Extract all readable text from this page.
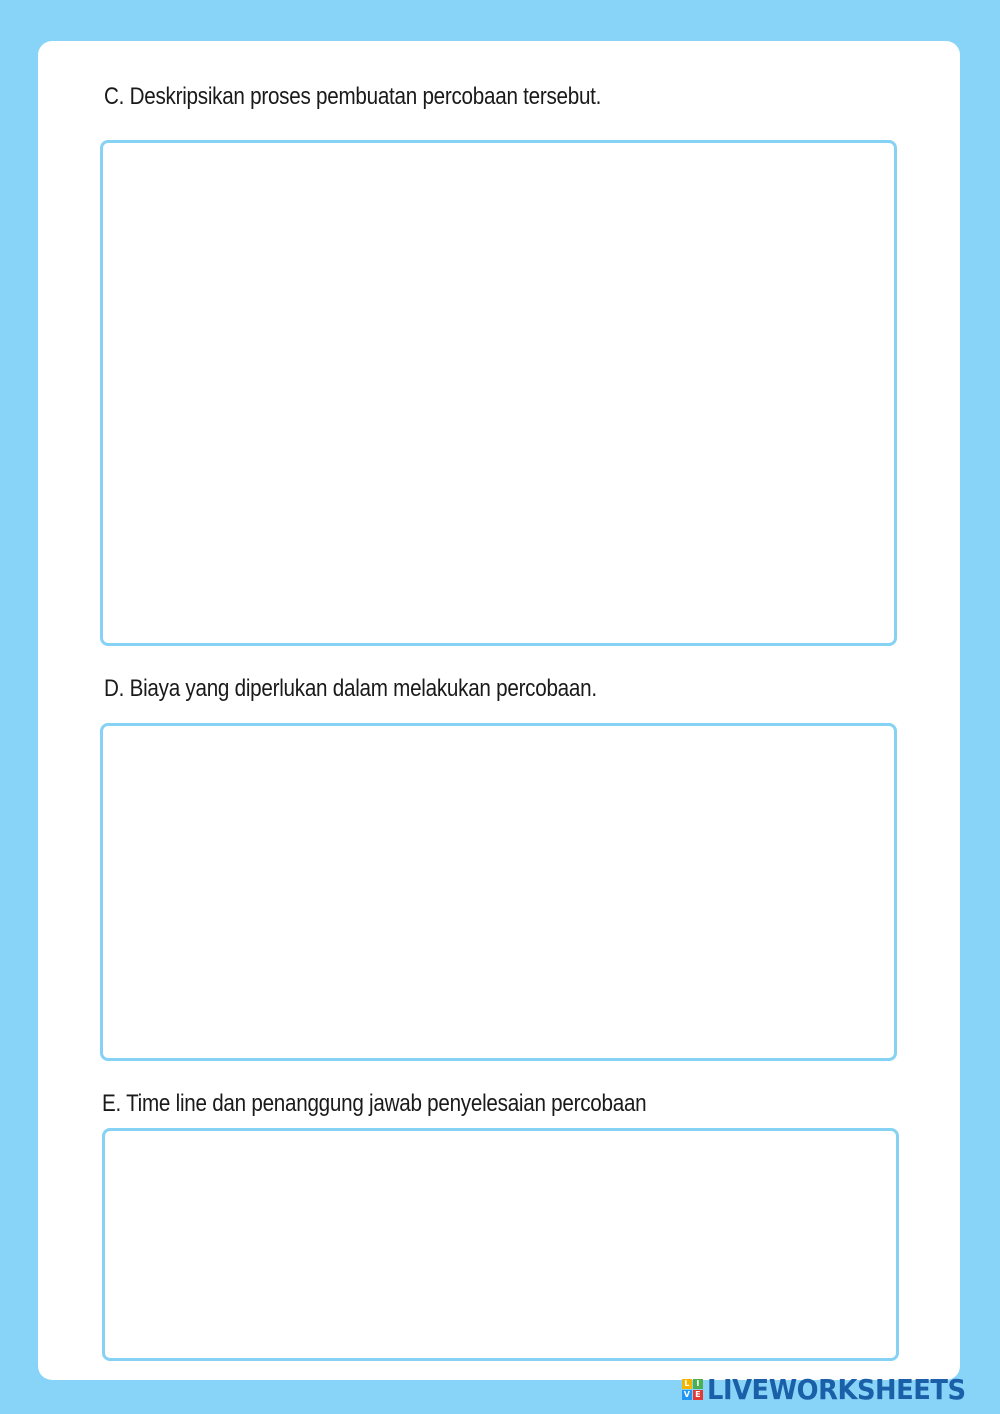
C. Deskripsikan proses pembuatan percobaan tersebut.
D. Biaya yang diperlukan dalam melakukan percobaan.
E. Time line dan penanggung jawab penyelesaian percobaan
L I
V E LIVEWORKSHEETS
